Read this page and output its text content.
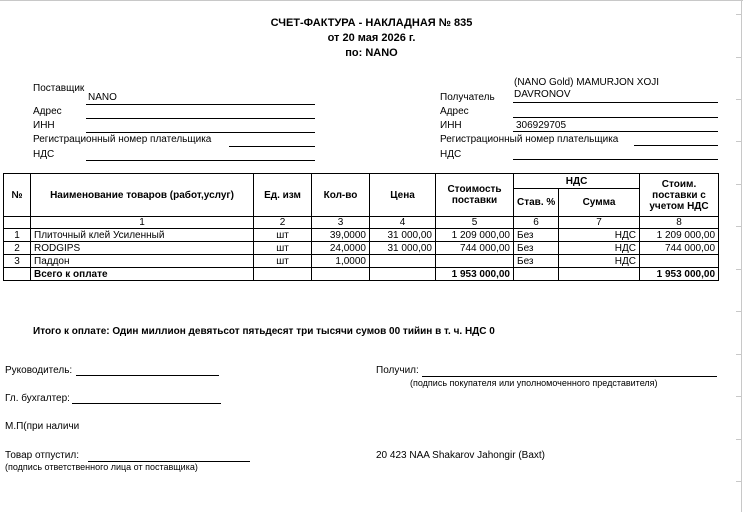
СЧЕТ-ФАКТУРА - НАКЛАДНАЯ № 835
от 20 мая 2026 г.
по: NANO
Поставщик
NANO
Адрес
ИНН
Регистрационный номер плательщика
НДС
(NANO Gold) MAMURJON XOJI
DAVRONOV
Получатель
Адрес
ИНН	306929705
Регистрационный номер плательщика
НДС
№	Наименование товаров (работ,услуг)	Ед. изм	Кол-во	Цена	Стоимость поставки	НДС		Стоим. поставки с учетом НДС
						Став. %	Сумма	
	1	2	3	4	5	6	7	8
1	Плиточный клей Усиленный	шт	39,0000	31 000,00	1 209 000,00	Без	НДС	1 209 000,00
2	RODGIPS	шт	24,0000	31 000,00	744 000,00	Без	НДС	744 000,00
3	Паддон	шт	1,0000			Без	НДС	
	Всего к оплате				1 953 000,00			1 953 000,00
Итого к оплате: Один миллион девятьсот пятьдесят три тысячи сумов 00 тийин в т. ч. НДС 0
Руководитель:
Гл. бухгалтер:
М.П(при наличи
Товар отпустил:
(подпись ответственного лица от поставщика)
Получил:
(подпись покупателя или уполномоченного представителя)
20 423 NAA Shakarov Jahongir (Baxt)
